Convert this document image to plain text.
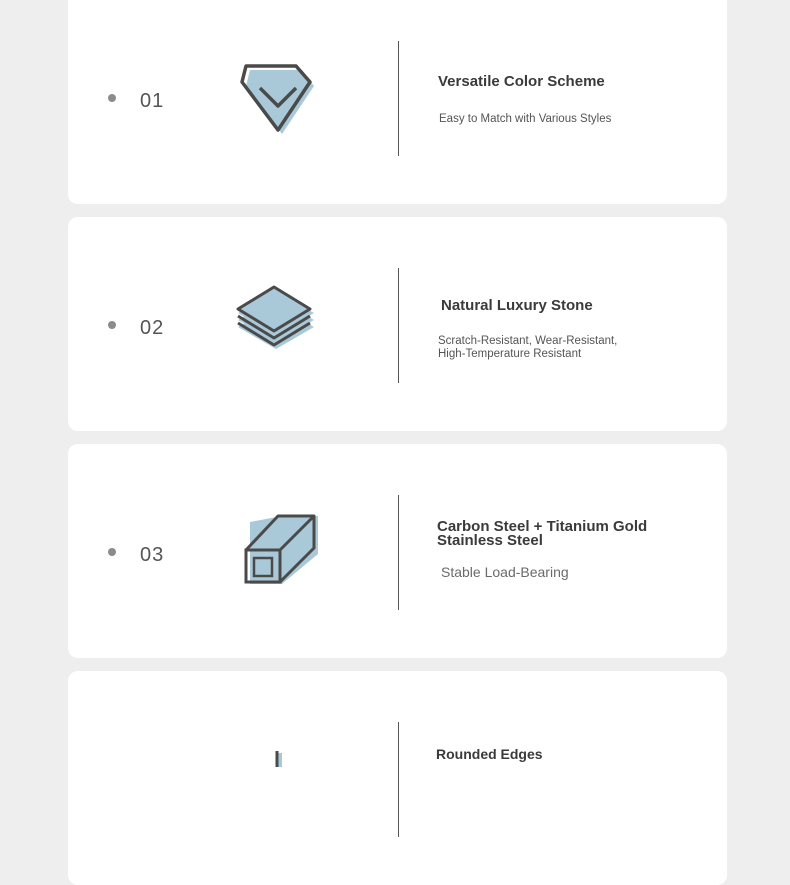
01
Versatile Color Scheme
Easy to Match with Various Styles
02
Natural Luxury Stone
Scratch-Resistant, Wear-Resistant,
High-Temperature Resistant
03
Carbon Steel + Titanium Gold
Stainless Steel
Stable Load-Bearing
Rounded Edges
